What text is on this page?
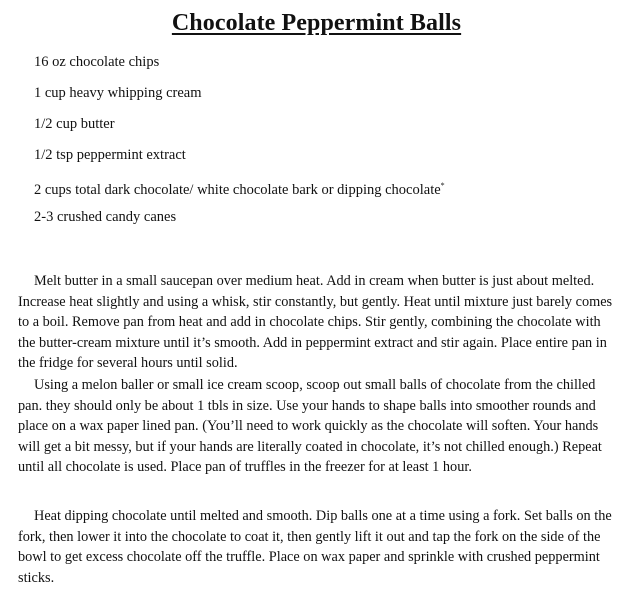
Chocolate Peppermint Balls
16 oz chocolate chips
1 cup heavy whipping cream
1/2 cup butter
1/2 tsp peppermint extract
2 cups total dark chocolate/ white chocolate bark or dipping chocolate*
2-3 crushed candy canes

Melt butter in a small saucepan over medium heat. Add in cream when butter is just about melted. Increase heat slightly and using a whisk, stir constantly, but gently. Heat until mixture just barely comes to a boil. Remove pan from heat and add in chocolate chips. Stir gently, combining the chocolate with the butter-cream mixture until it’s smooth. Add in peppermint extract and stir again. Place entire pan in the fridge for several hours until solid.

Using a melon baller or small ice cream scoop, scoop out small balls of chocolate from the chilled pan. they should only be about 1 tbls in size. Use your hands to shape balls into smoother rounds and place on a wax paper lined pan. (You’ll need to work quickly as the chocolate will soften. Your hands will get a bit messy, but if your hands are literally coated in chocolate, it’s not chilled enough.) Repeat until all chocolate is used. Place pan of truffles in the freezer for at least 1 hour.

Heat dipping chocolate until melted and smooth. Dip balls one at a time using a fork. Set balls on the fork, then lower it into the chocolate to coat it, then gently lift it out and tap the fork on the side of the bowl to get excess chocolate off the truffle. Place on wax paper and sprinkle with crushed peppermint sticks.
